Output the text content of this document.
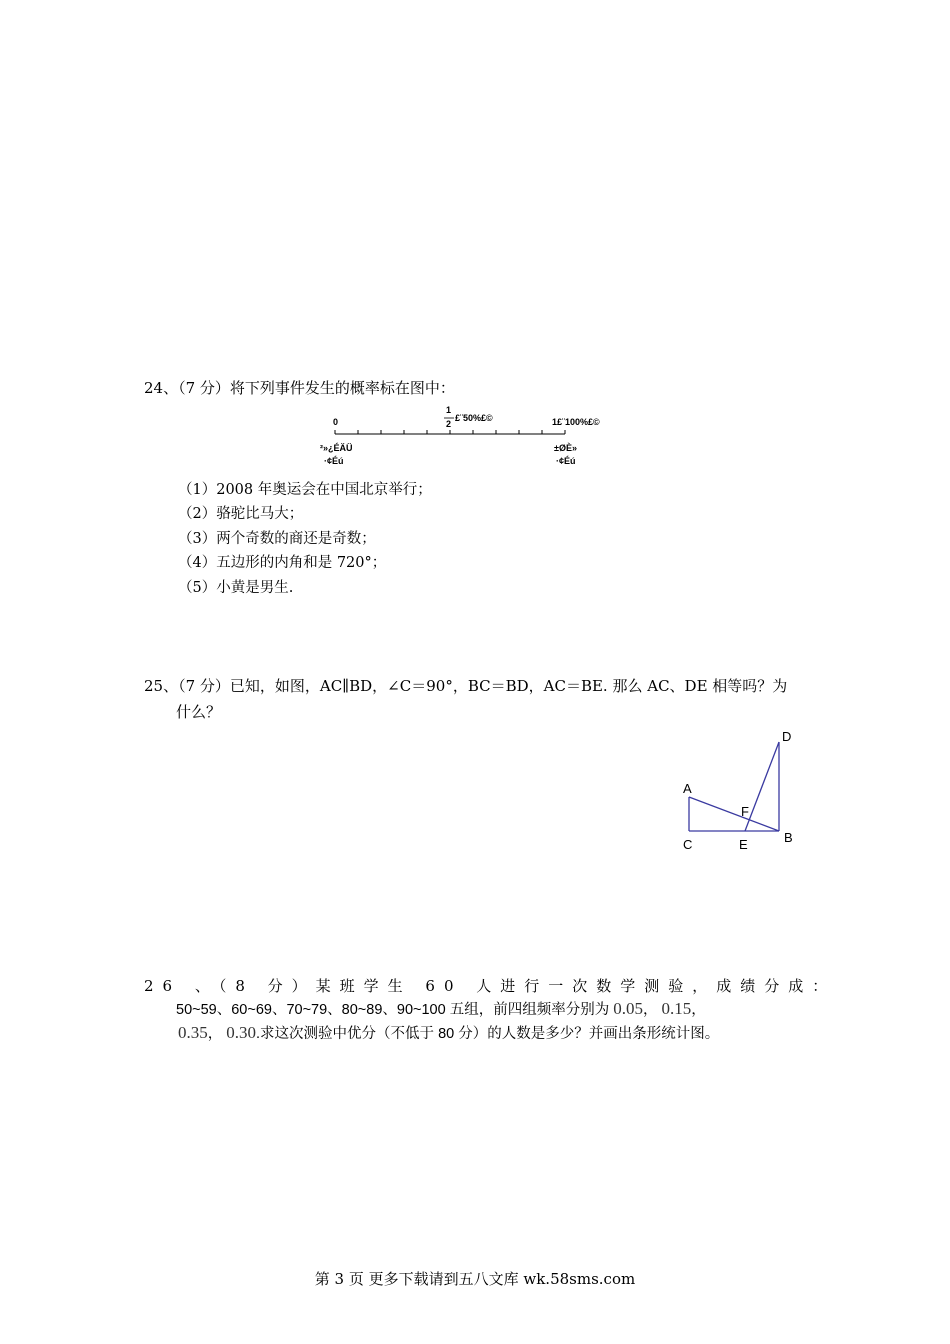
24、（7 分）将下列事件发生的概率标在图中：
0
1
2
£¨50%£©	1£¨100%£©
²»¿ÉÄÜ
·¢Éú
±ØÈ»
·¢Éú
（1）2008 年奥运会在中国北京举行；
（2）骆驼比马大；
（3）两个奇数的商还是奇数；
（4）五边形的内角和是 720°；
（5）小黄是男生.
25、（7 分）已知，如图，AC∥BD，∠C＝90°，BC＝BD，AC＝BE. 那么 AC、DE 相等吗？为
什么？
D
A
F
B
C	E
26 、（8 分）某班学生 60 人进行一次数学测验，成绩分成：
50~59、60~69、70~79、80~89、90~100 五组，前四组频率分别为 0.05， 0.15，
0.35， 0.30.求这次测验中优分（不低于 80 分）的人数是多少？并画出条形统计图。
第 3 页 更多下载请到五八文库 wk.58sms.com
